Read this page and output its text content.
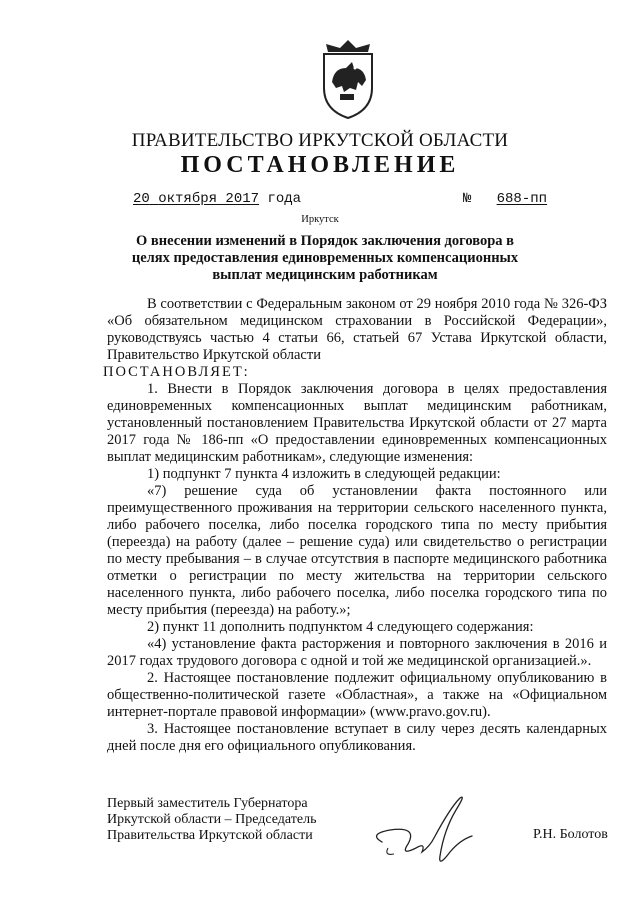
ПРАВИТЕЛЬСТВО ИРКУТСКОЙ ОБЛАСТИ
ПОСТАНОВЛЕНИЕ
20 октября 2017 года	№ 688-пп
Иркутск
О внесении изменений в Порядок заключения договора в целях предоставления единовременных компенсационных выплат медицинским работникам
В соответствии с Федеральным законом от 29 ноября 2010 года № 326-ФЗ «Об обязательном медицинском страховании в Российской Федерации», руководствуясь частью 4 статьи 66, статьей 67 Устава Иркутской области, Правительство Иркутской области
ПОСТАНОВЛЯЕТ:
1. Внести в Порядок заключения договора в целях предоставления единовременных компенсационных выплат медицинским работникам, установленный постановлением Правительства Иркутской области от 27 марта 2017 года № 186-пп «О предоставлении единовременных компенсационных выплат медицинским работникам», следующие изменения:
1) подпункт 7 пункта 4 изложить в следующей редакции:
«7) решение суда об установлении факта постоянного или преимущественного проживания на территории сельского населенного пункта, либо рабочего поселка, либо поселка городского типа по месту прибытия (переезда) на работу (далее – решение суда) или свидетельство о регистрации по месту пребывания – в случае отсутствия в паспорте медицинского работника отметки о регистрации по месту жительства на территории сельского населенного пункта, либо рабочего поселка, либо поселка городского типа по месту прибытия (переезда) на работу.»;
2) пункт 11 дополнить подпунктом 4 следующего содержания:
«4) установление факта расторжения и повторного заключения в 2016 и 2017 годах трудового договора с одной и той же медицинской организацией.».
2. Настоящее постановление подлежит официальному опубликованию в общественно-политической газете «Областная», а также на «Официальном интернет-портале правовой информации» (www.pravo.gov.ru).
3. Настоящее постановление вступает в силу через десять календарных дней после дня его официального опубликования.
Первый заместитель Губернатора
Иркутской области – Председатель
Правительства Иркутской области	Р.Н. Болотов
